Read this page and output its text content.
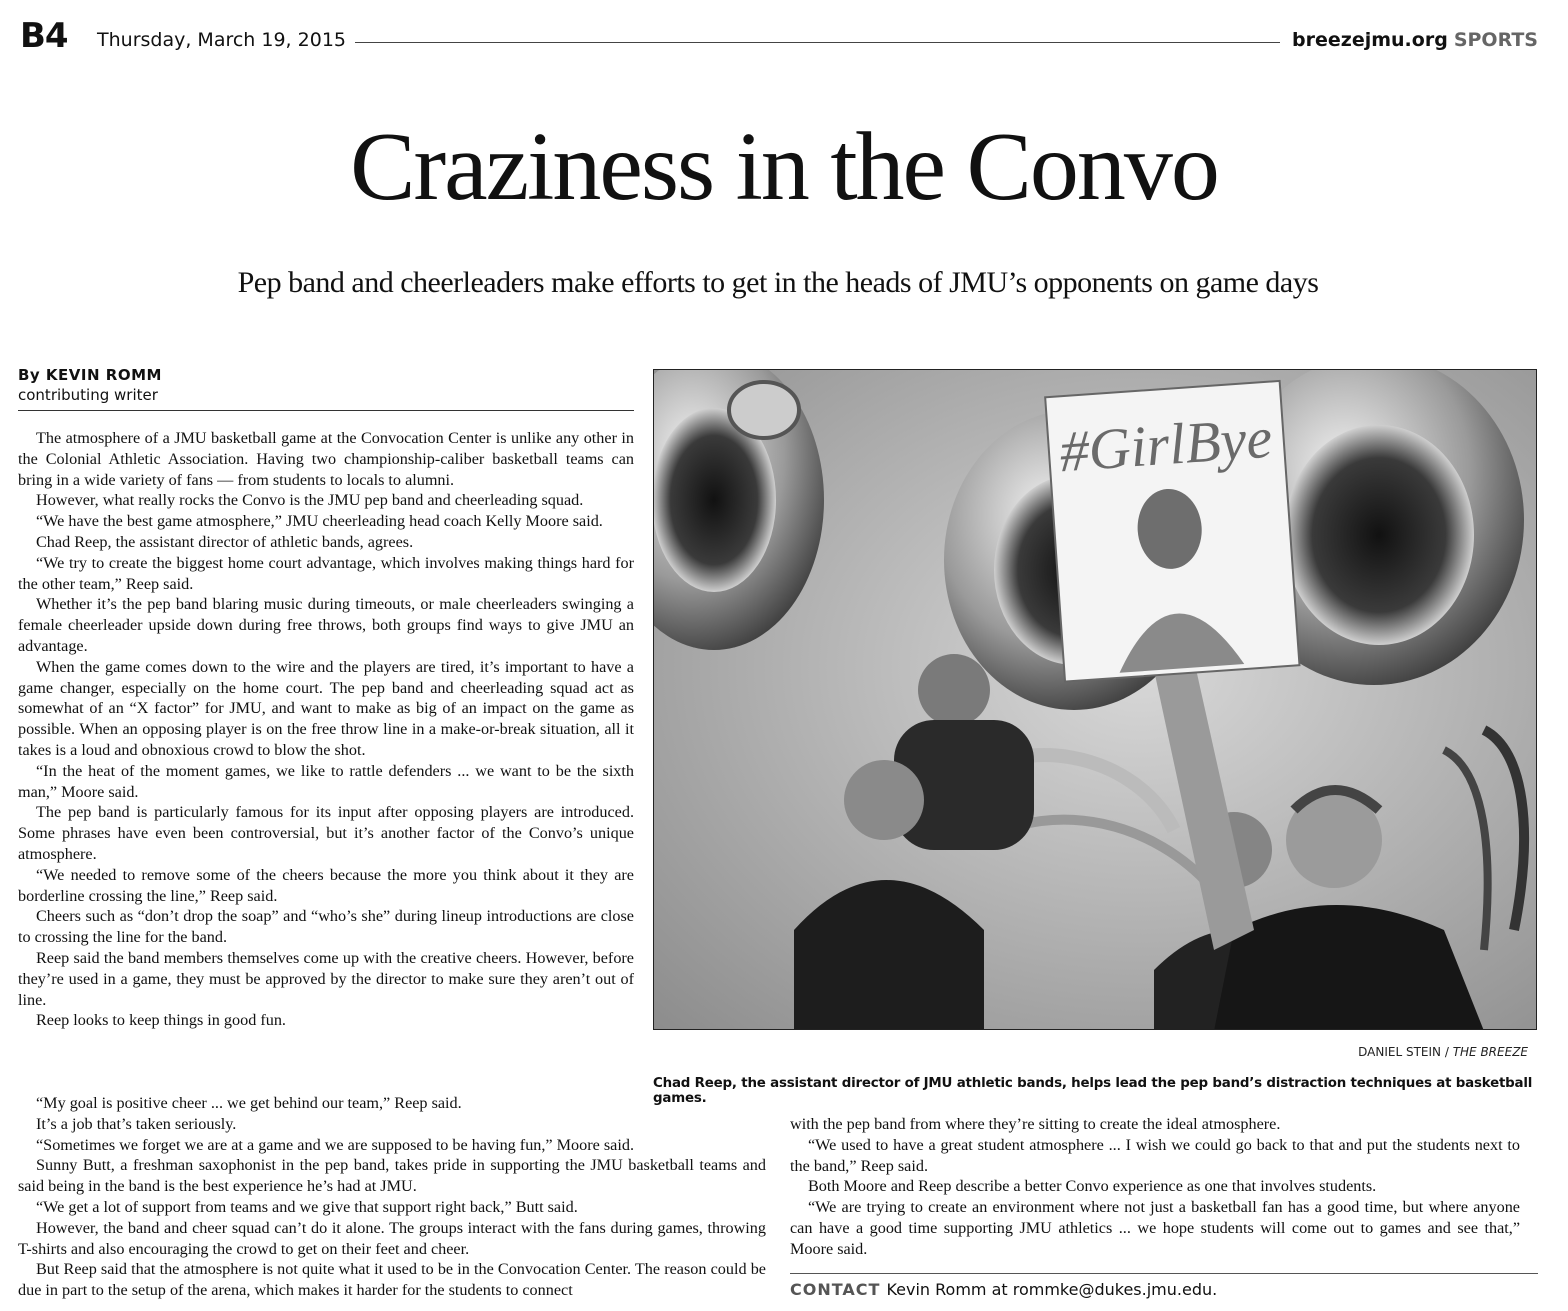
B4 Thursday, March 19, 2015	breezejmu.org SPORTS
Craziness in the Convo
Pep band and cheerleaders make efforts to get in the heads of JMU’s opponents on game days
By KEVIN ROMM
contributing writer

The atmosphere of a JMU basketball game at the Convocation Center is unlike any other in the Colonial Athletic Association. Having two championship-caliber basketball teams can bring in a wide variety of fans — from students to locals to alumni.

However, what really rocks the Convo is the JMU pep band and cheerleading squad.

“We have the best game atmosphere,” JMU cheerleading head coach Kelly Moore said.

Chad Reep, the assistant director of athletic bands, agrees.

“We try to create the biggest home court advantage, which involves making things hard for the other team,” Reep said.

Whether it’s the pep band blaring music during timeouts, or male cheerleaders swinging a female cheerleader upside down during free throws, both groups find ways to give JMU an advantage.

When the game comes down to the wire and the players are tired, it’s important to have a game changer, especially on the home court. The pep band and cheerleading squad act as somewhat of an “X factor” for JMU, and want to make as big of an impact on the game as possible. When an opposing player is on the free throw line in a make-or-break situation, all it takes is a loud and obnoxious crowd to blow the shot.

“In the heat of the moment games, we like to rattle defenders ... we want to be the sixth man,” Moore said.

The pep band is particularly famous for its input after opposing players are introduced. Some phrases have even been controversial, but it’s another factor of the Convo’s unique atmosphere.

“We needed to remove some of the cheers because the more you think about it they are borderline crossing the line,” Reep said.

Cheers such as “don’t drop the soap” and “who’s she” during lineup introductions are close to crossing the line for the band.

Reep said the band members themselves come up with the creative cheers. However, before they’re used in a game, they must be approved by the director to make sure they aren’t out of line.

Reep looks to keep things in good fun.

“My goal is positive cheer ... we get behind our team,” Reep said.

It’s a job that’s taken seriously.

“Sometimes we forget we are at a game and we are supposed to be having fun,” Moore said.

Sunny Butt, a freshman saxophonist in the pep band, takes pride in supporting the JMU basketball teams and said being in the band is the best experience he’s had at JMU.

“We get a lot of support from teams and we give that support right back,” Butt said.

However, the band and cheer squad can’t do it alone. The groups interact with the fans during games, throwing T-shirts and also encouraging the crowd to get on their feet and cheer.

But Reep said that the atmosphere is not quite what it used to be in the Convocation Center. The reason could be due in part to the setup of the arena, which makes it harder for the students to connect

with the pep band from where they’re sitting to create the ideal atmosphere.

“We used to have a great student atmosphere ... I wish we could go back to that and put the students next to the band,” Reep said.

Both Moore and Reep describe a better Convo experience as one that involves students.

“We are trying to create an environment where not just a basketball fan has a good time, but where anyone can have a good time supporting JMU athletics ... we hope students will come out to games and see that,” Moore said.

#GirlBye
DANIEL STEIN / THE BREEZE
Chad Reep, the assistant director of JMU athletic bands, helps lead the pep band’s distraction techniques at basketball games.
CONTACT Kevin Romm at rommke@dukes.jmu.edu.
